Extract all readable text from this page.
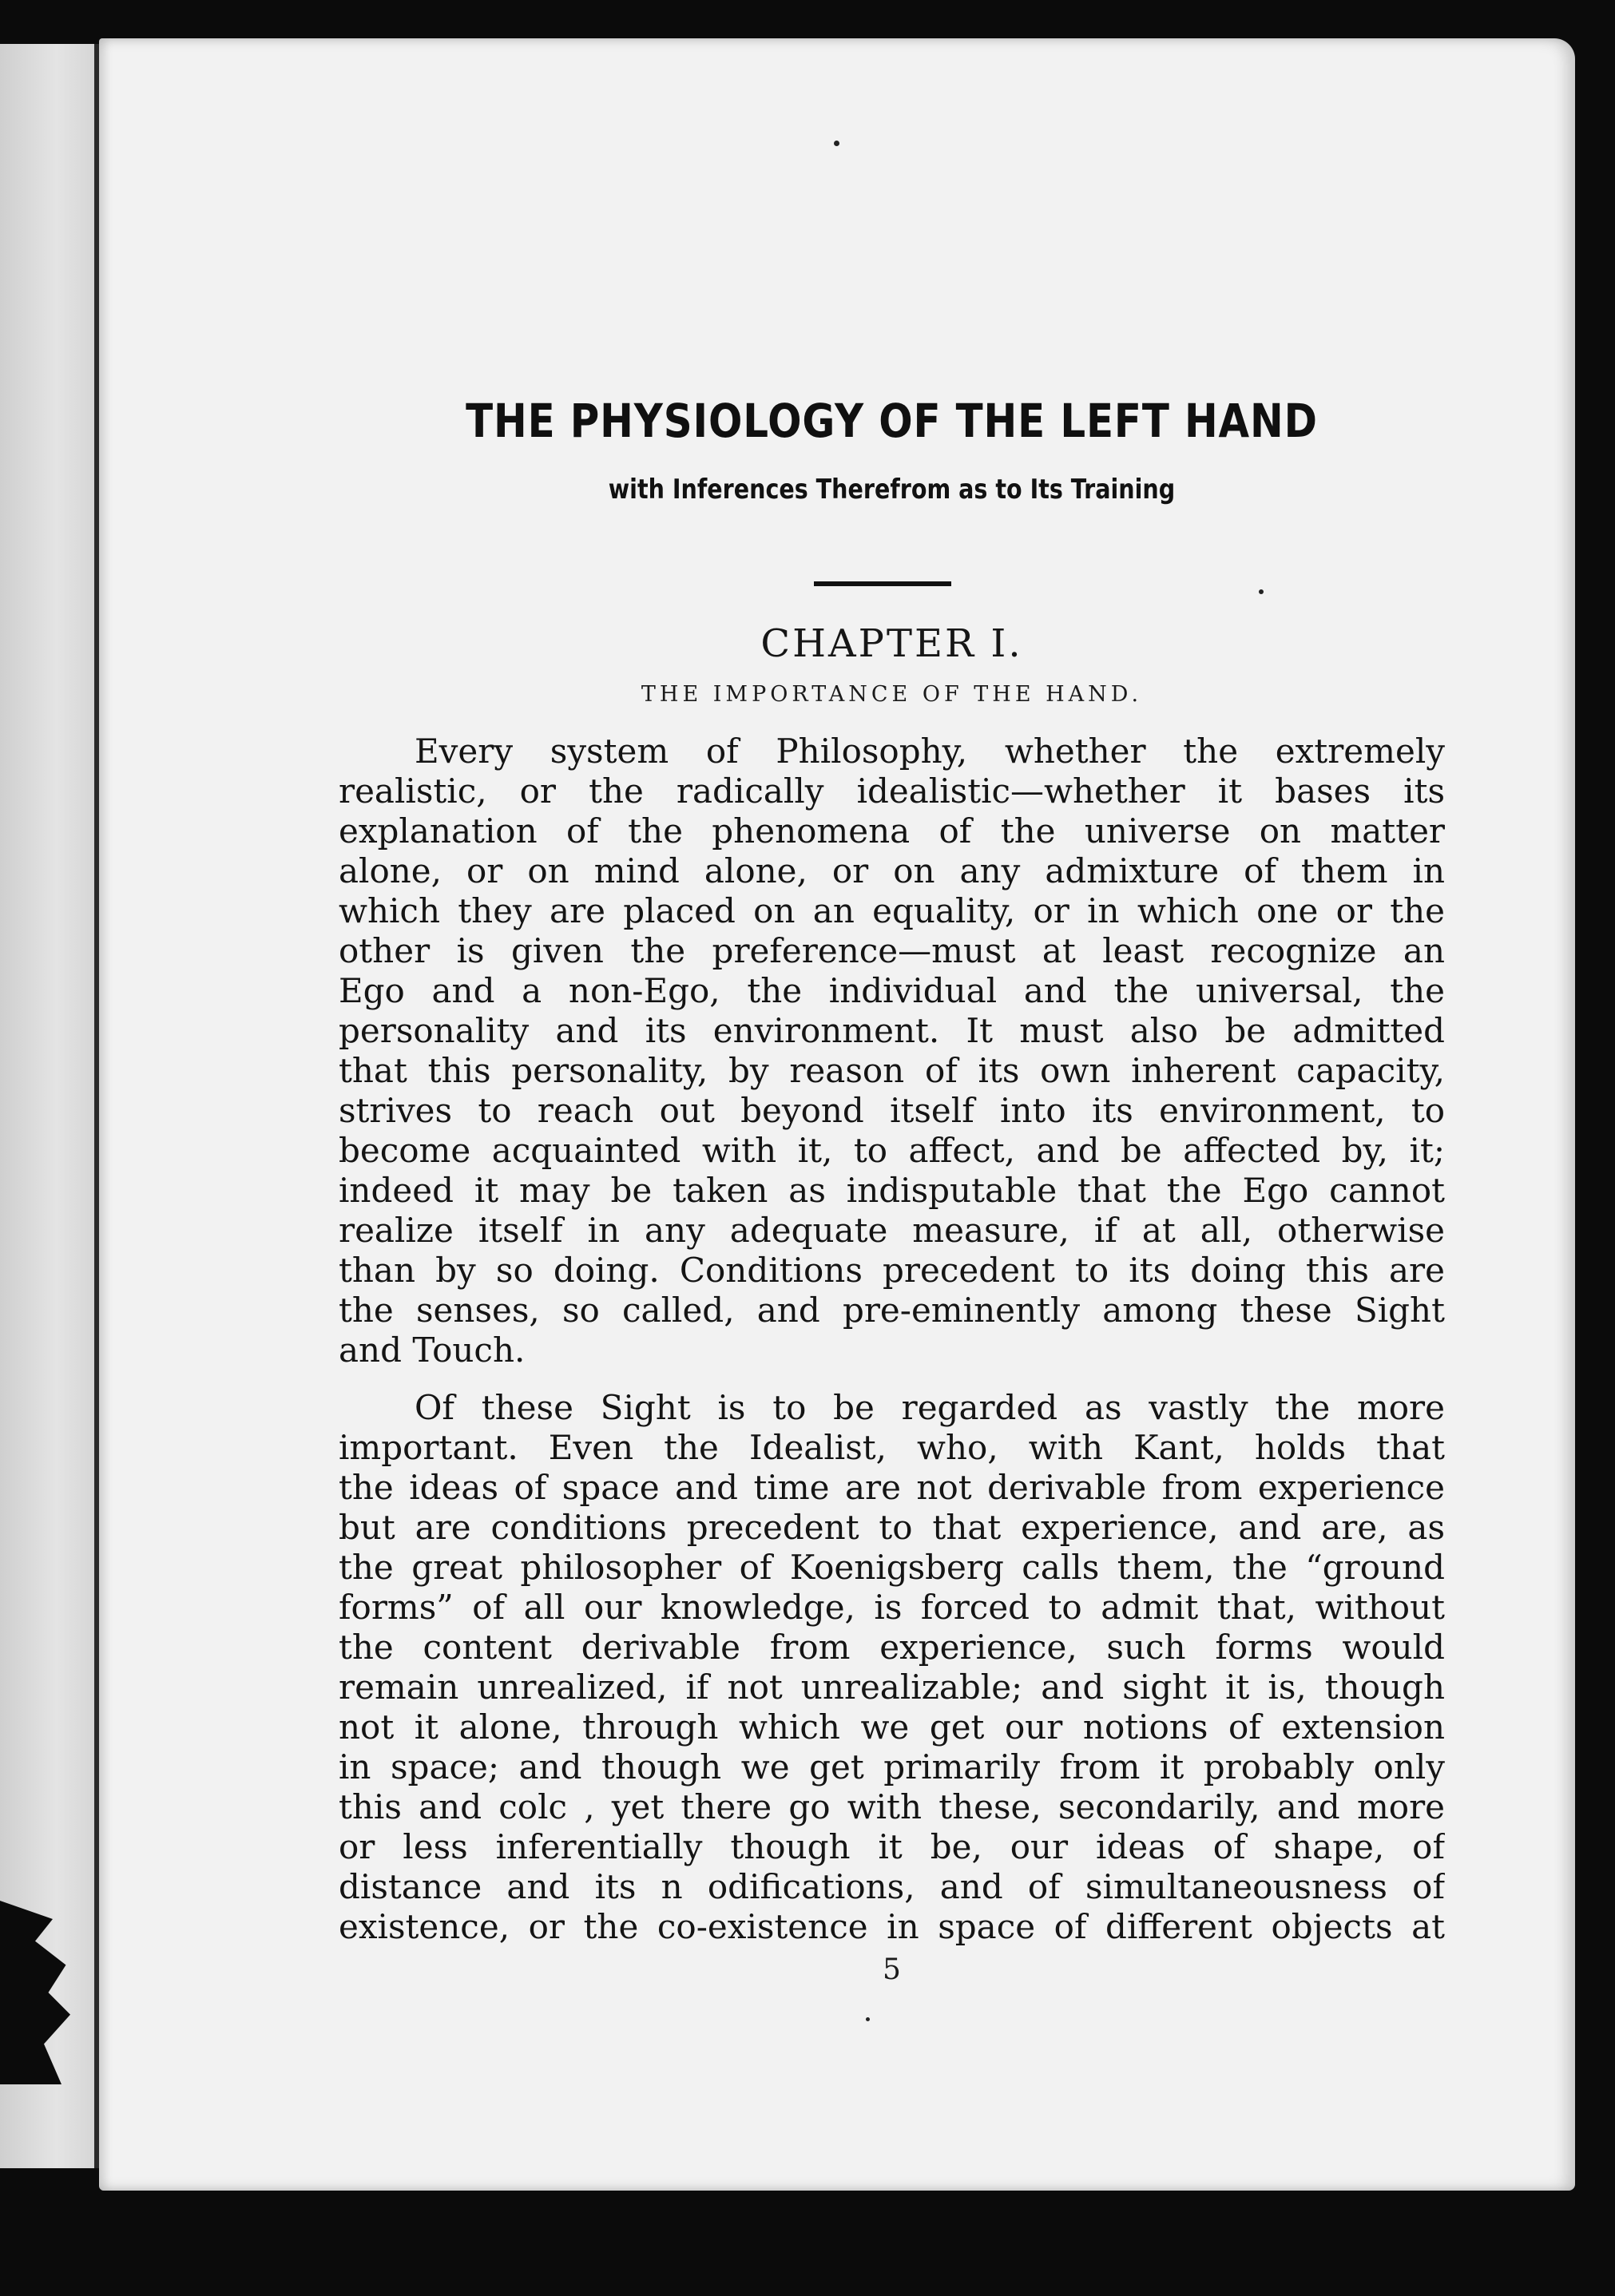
THE PHYSIOLOGY OF THE LEFT HAND
with Inferences Therefrom as to Its Training
CHAPTER I.
THE IMPORTANCE OF THE HAND.
Every system of Philosophy, whether the extremely
realistic, or the radically idealistic—whether it bases its
explanation of the phenomena of the universe on matter
alone, or on mind alone, or on any admixture of them in
which they are placed on an equality, or in which one or the
other is given the preference—must at least recognize an
Ego and a non-Ego, the individual and the universal, the
personality and its environment. It must also be admitted
that this personality, by reason of its own inherent capacity,
strives to reach out beyond itself into its environment, to
become acquainted with it, to affect, and be affected by, it;
indeed it may be taken as indisputable that the Ego cannot
realize itself in any adequate measure, if at all, otherwise
than by so doing. Conditions precedent to its doing this are
the senses, so called, and pre-eminently among these Sight
and Touch.
Of these Sight is to be regarded as vastly the more
important. Even the Idealist, who, with Kant, holds that
the ideas of space and time are not derivable from experience
but are conditions precedent to that experience, and are, as
the great philosopher of Koenigsberg calls them, the “ground
forms” of all our knowledge, is forced to admit that, without
the content derivable from experience, such forms would
remain unrealized, if not unrealizable; and sight it is, though
not it alone, through which we get our notions of extension
in space; and though we get primarily from it probably only
this and colc , yet there go with these, secondarily, and more
or less inferentially though it be, our ideas of shape, of
distance and its n odifications, and of simultaneousness of
existence, or the co-existence in space of different objects at
5
